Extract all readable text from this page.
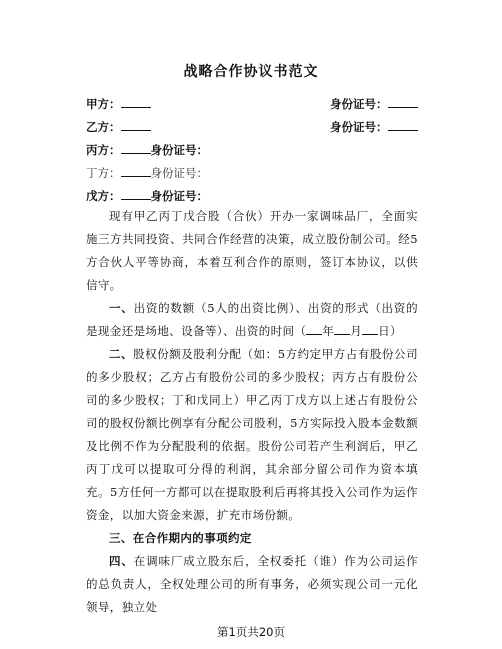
战略合作协议书范文
甲方：	身份证号：
乙方：	身份证号：
丙方：	身份证号：
丁方：	身份证号：
戊方：	身份证号：

现有甲乙丙丁戊合股（合伙）开办一家调味品厂，全面实施三方共同投资、共同合作经营的决策，成立股份制公司。经5方合伙人平等协商，本着互利合作的原则，签订本协议，以供信守。

一、出资的数额（5人的出资比例）、出资的形式（出资的是现金还是场地、设备等）、出资的时间（ 年 月 日）

二、股权份额及股利分配（如：5方约定甲方占有股份公司的多少股权；乙方占有股份公司的多少股权；丙方占有股份公司的多少股权；丁和戊同上）甲乙丙丁戊方以上述占有股份公司的股权份额比例享有分配公司股利，5方实际投入股本金数额及比例不作为分配股利的依据。股份公司若产生利润后，甲乙丙丁戊可以提取可分得的利润，其余部分留公司作为资本填充。5方任何一方都可以在提取股利后再将其投入公司作为运作资金，以加大资金来源，扩充市场份额。

三、在合作期内的事项约定

四、在调味厂成立股东后，全权委托（谁）作为公司运作的总负责人，全权处理公司的所有事务，必须实现公司一元化领导，独立处

第1页共20页
